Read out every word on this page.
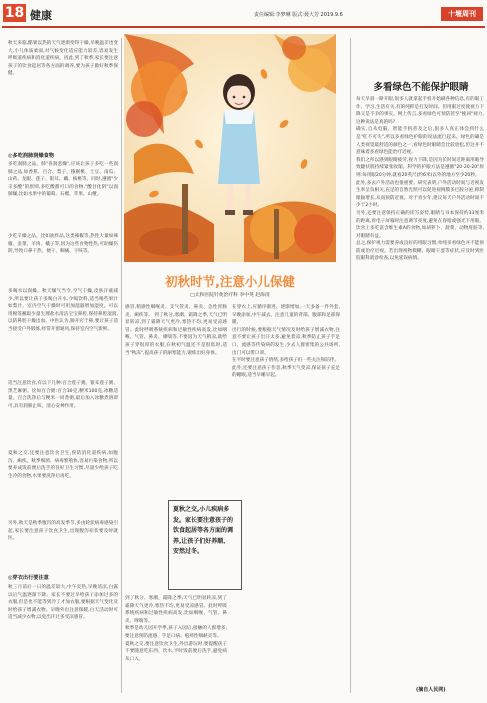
18 健康	责任编辑:李梦琳 版式:聂大芳 2019.9.6	十堰周刊
秋天来临,酷暑以热的天气逐渐变得干燥,早晚温差也变大,小儿体质柔弱,对气候变化适应能力较差,容易发生呼吸道疾病和消化道疾病。因此,到了秋季,家长要注意孩子的饮食起居等各方面的调养,要为孩子做好秋季保健。
◎多吃润肺润燥食物
多吃润肺之品。肺"喜润恶燥",应该让孩子多吃一些润肺之品,如香蕉、百合、梨子、猕猴桃、土豆、南瓜、山药、龙眼、莲子、银耳、藕、核桃等。同时,遵循"少辛多酸"的原则,多吃酸甜可口的食物,"酸甘化阴"以润肺燥,比如水果中的葡萄、石榴、苹果、山楂。
少吃辛燥之品。比如油炸品,这类辣椒等,热性大量如辣椒、韭菜、羊肉、橘子等,因为这些食物性热,可助燥伤阴,导致口鼻干热、便干、咽痛、干咳等。
多喝水以润燥。秋天燥气当令,空气干燥,皮肤汗液减少,所以要让孩子多喝白开水,少喝饮料,适当喝些果汁如梨汁。室内空气干燥时可用加湿器增加湿度。可以用棉签蘸取少量生理盐水清洁宝宝鼻腔,保持鼻腔湿润,以防鼻腔干燥出血。中医认为,肺开窍于鼻,要让孩子适当接受户外锻炼,经常开窗通风,保持室内空气新鲜。
适当注意饮食,有以下几种:百合莲子粥、银耳莲子粥、黑芝麻粥。比如百合粥:百合30克,粳米100克,冰糖适量。百合洗净后与粳米一同煮粥,最后加入冰糖煮溶即可,具有润肺止咳、清心安神作用。
夏秋之交,还要注意饮食卫生,预防消化道疾病,如腹泻、痢疾。秋季细菌、病毒繁殖快,容易污染食物,所以要养成饭前便后洗手的良好卫生习惯,尽量少给孩子吃生冷的食物,水果要洗净后再吃。
另外,秋天是秋季腹泻的高发季节,多由轮状病毒感染引起,家长要注意孩子饮食卫生,出现腹泻症状要及时就医。
◎穿衣出行要注意
秋三月前后一日的温差较大,中午炎热,早晚清凉,白露以后气温逐渐下降。家长不要过早给孩子添加过多的衣服,但是也不能等到冷了才加衣服,要根据天气变化及时给孩子增减衣物。早晚外出注意保暖,白天活动时可适当减少衣物,以免出汗过多受凉感冒。
初秋时节,注意小儿保健
□太和医院针灸治疗科 李中英 赵海清
感冒,稍感性咽喉炎、支气管炎、鼻炎、急性胃肠炎、痢疾等。 到了秋分,寒潮、霜降之季,天气已明显转凉,到了霜降天气更冷,寒热不均,更易受凉感冒。此时呼吸系统疾病和过敏性疾病高发,比如咽喉、气管、鼻炎、哮喘等,不要因为天气稍凉,就给孩子穿很厚的衣服,在秋初气温还不是很低时,适当"秋冻",提高孩子的耐寒能力,锻炼出好身体。
在穿衣上,应循序渐进、逐渐增加,一天多备一件外套,早晚添加,中午减去。注意儿童的背部、腹部和足部保暖。
出行的时候,要根据天气情况及时给孩子增减衣物,注意不要让孩子出汗太多,避免着凉,秋季防止孩子手足口、流感等传染病的发生,少去人群密集的公共场所,出门可以带口罩。
在平时要注意孩子情绪,多给孩子们一些关注和陪伴。
此外,还要注意孩子作息,秋季天气变凉,保证孩子充足的睡眠,适当早睡早起。
到了秋分、寒潮、霜降之季,天气已明显转凉,到了霜降天气更冷,寒热不均,更易受凉感冒。此时呼吸系统疾病和过敏性疾病高发,比如咽喉、气管、鼻炎、哮喘等。
秋季是幼儿园开学季,孩子入园后,接触的人群增多,要注意预防流感、手足口病、疱疹性咽峡炎等。
夏秋之交,要注意饮食卫生,外出游玩时,要提醒孩子不要随意吃东西、饮水,平时饭前便后洗手,避免病从口入。
夏秋之交,小儿疾病多发。家长要注意孩子的饮食起居等各方面的调养,让孩子们好养顺、安然过冬。
多看绿色不能保护眼睛
每天早晨一睁开眼,很多人就拿起手机开始刷各种信息,有的眼工作、学习,生活有关,有的纯粹是打发时间。但用眼过度使视力下降又是不争的事实。网上传言,多看绿色可预防甚至"挽回"视力,这种说法是真的吗?
确实,自从电脑、智能手机普及之后,很多人真正体会到什么是"杠不可失",所以多看绿色护眼的说法流行起来。绿色的确是人类视觉最舒适的颜色之一,看绿色时眼睛会比较放松,但这并不意味着多看绿色能治疗近视。
我们之所以感到眼睛疲劳,视力下降,是因为长时间近距离用眼导致睫状肌持续紧张收缩。科学的护眼方法是遵循"20-20-20"原则:每用眼20分钟,就看20英尺(约6米)以外的地方至少20秒。
此外,多去户外活动也很重要。研究表明,户外活动时间与近视发生率呈负相关,充足的自然光照可以促进视网膜多巴胺分泌,抑制眼轴增长,从而预防近视。对于青少年,建议每天户外活动时间不少于2小时。
另外,还要注意保持正确的读写姿势,眼睛与书本保持约33厘米的距离,看电子屏幕时注意调节亮度,避免在昏暗或强光下用眼。饮食上多吃富含维生素A的食物,如胡萝卜、菠菜、动物肝脏等,对眼睛有益。
总之,保护视力需要养成良好的用眼习惯,单纯多看绿色并不能预防或治疗近视。若出现视物模糊、眼睛干涩等症状,应及时到医院眼科就诊检查,以免延误病情。
(摘自人民网)
